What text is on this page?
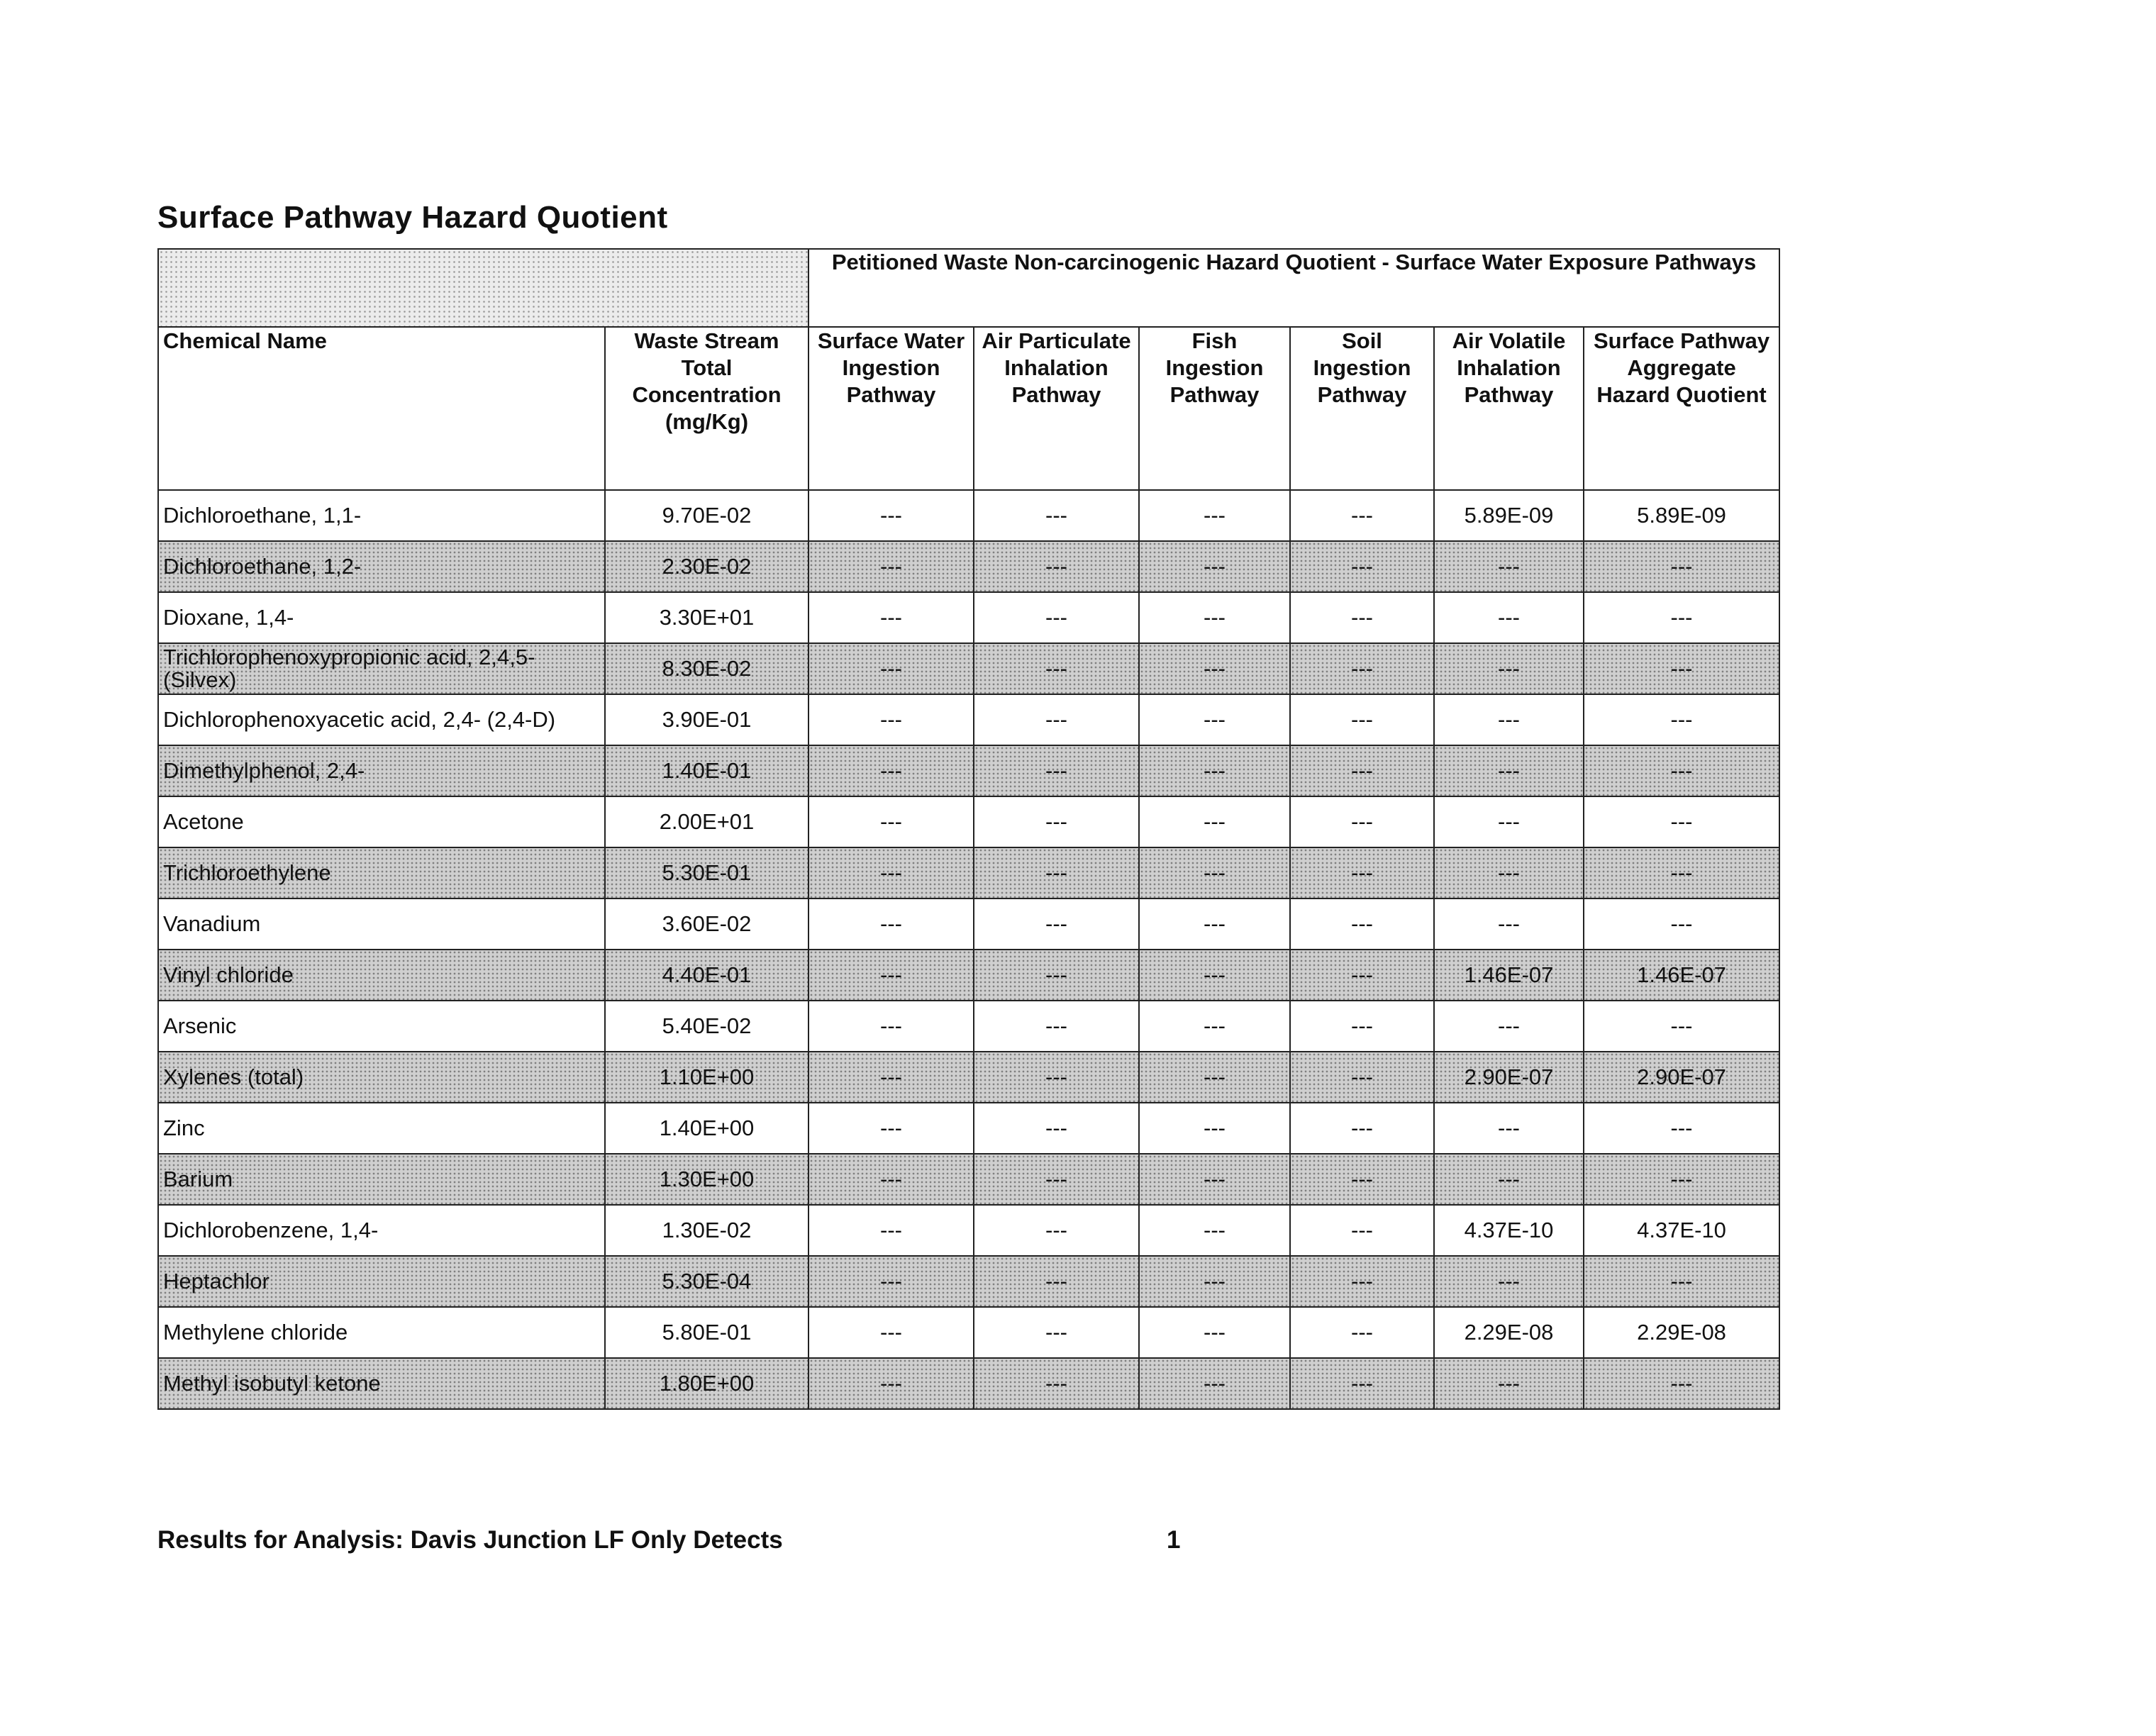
Surface Pathway Hazard Quotient
		Petitioned Waste Non-carcinogenic Hazard Quotient - Surface Water Exposure Pathways					
Chemical Name	Waste Stream Total Concentration (mg/Kg)	Surface Water Ingestion Pathway	Air Particulate Inhalation Pathway	Fish Ingestion Pathway	Soil Ingestion Pathway	Air Volatile Inhalation Pathway	Surface Pathway Aggregate Hazard Quotient
Dichloroethane, 1,1-	9.70E-02	---	---	---	---	5.89E-09	5.89E-09
Dichloroethane, 1,2-	2.30E-02	---	---	---	---	---	---
Dioxane, 1,4-	3.30E+01	---	---	---	---	---	---
Trichlorophenoxypropionic acid, 2,4,5- (Silvex)	8.30E-02	---	---	---	---	---	---
Dichlorophenoxyacetic acid, 2,4- (2,4-D)	3.90E-01	---	---	---	---	---	---
Dimethylphenol, 2,4-	1.40E-01	---	---	---	---	---	---
Acetone	2.00E+01	---	---	---	---	---	---
Trichloroethylene	5.30E-01	---	---	---	---	---	---
Vanadium	3.60E-02	---	---	---	---	---	---
Vinyl chloride	4.40E-01	---	---	---	---	1.46E-07	1.46E-07
Arsenic	5.40E-02	---	---	---	---	---	---
Xylenes (total)	1.10E+00	---	---	---	---	2.90E-07	2.90E-07
Zinc	1.40E+00	---	---	---	---	---	---
Barium	1.30E+00	---	---	---	---	---	---
Dichlorobenzene, 1,4-	1.30E-02	---	---	---	---	4.37E-10	4.37E-10
Heptachlor	5.30E-04	---	---	---	---	---	---
Methylene chloride	5.80E-01	---	---	---	---	2.29E-08	2.29E-08
Methyl isobutyl ketone	1.80E+00	---	---	---	---	---	---
Results for Analysis: Davis Junction LF Only Detects	1
